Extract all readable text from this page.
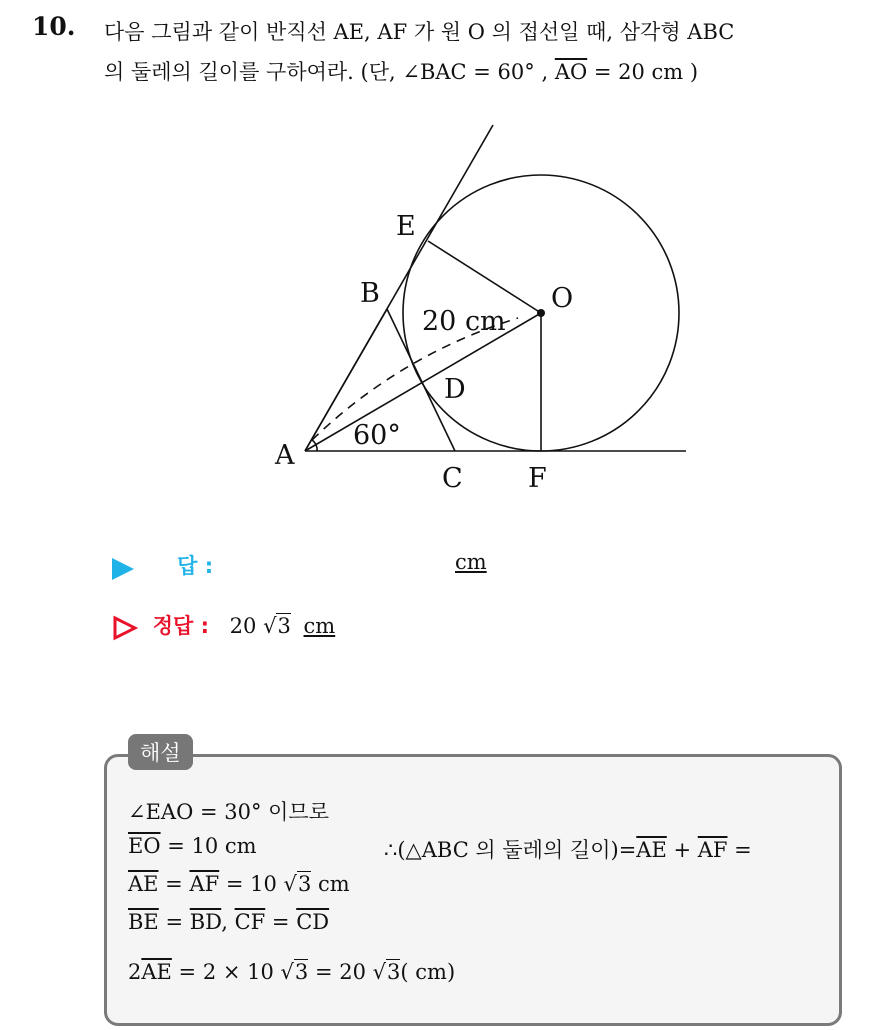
10. 다음 그림과 같이 반직선 AE, AF 가 원 O 의 접선일 때, 삼각형 ABC
의 둘레의 길이를 구하여라. (단, ∠BAC = 60° , $\overline{AO} = 20$ cm )
E
B	O
D
A
C F
20 cm
60°
답 :	cm
정답 : 20 √3 cm
해설
∠EAO = 30° 이므로
$\overline{EO} = 10$ cm
$\overline{AE} = \overline{AF} = 10$ √3 cm
$\overline{BE} = \overline{BD}$, $\overline{CF} = \overline{CD}$
$2\overline{AE} = 2 \times 10$ √3 = 20 √3( cm)
∴(△ABC 의 둘레의 길이)$=\overline{AE} + \overline{AF}$ =
